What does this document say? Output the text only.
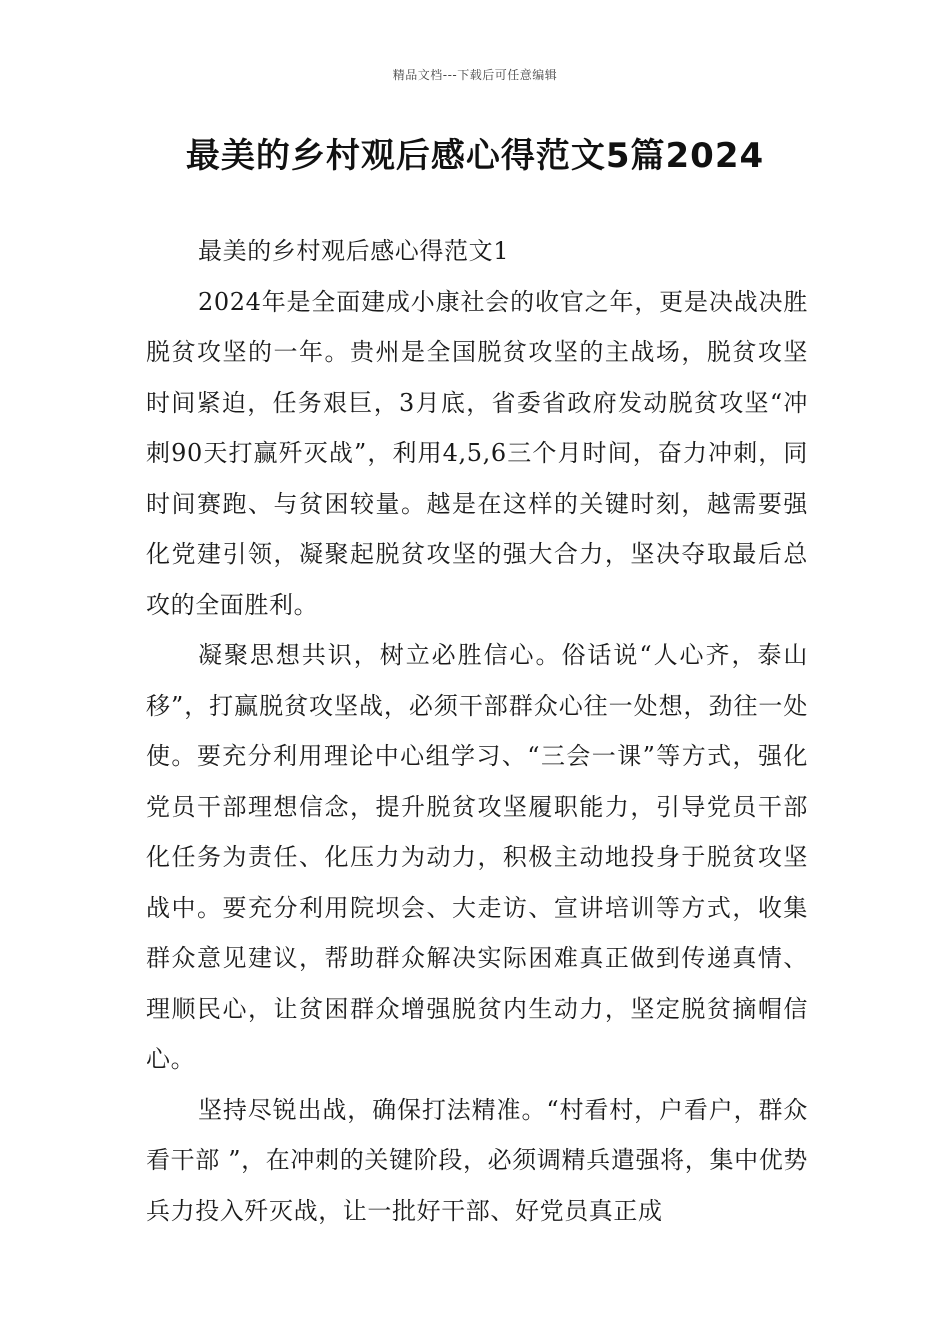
精品文档---下载后可任意编辑
最美的乡村观后感心得范文5篇2024

最美的乡村观后感心得范文1

2024年是全面建成小康社会的收官之年，更是决战决胜脱贫攻坚的一年。贵州是全国脱贫攻坚的主战场，脱贫攻坚时间紧迫，任务艰巨，3月底，省委省政府发动脱贫攻坚“冲刺90天打赢歼灭战”，利用4,5,6三个月时间，奋力冲刺，同时间赛跑、与贫困较量。越是在这样的关键时刻，越需要强化党建引领，凝聚起脱贫攻坚的强大合力，坚决夺取最后总攻的全面胜利。

凝聚思想共识，树立必胜信心。俗话说“人心齐，泰山移”，打赢脱贫攻坚战，必须干部群众心往一处想，劲往一处使。要充分利用理论中心组学习、“三会一课”等方式，强化党员干部理想信念，提升脱贫攻坚履职能力，引导党员干部化任务为责任、化压力为动力，积极主动地投身于脱贫攻坚战中。要充分利用院坝会、大走访、宣讲培训等方式，收集群众意见建议，帮助群众解决实际困难真正做到传递真情、理顺民心，让贫困群众增强脱贫内生动力，坚定脱贫摘帽信心。

坚持尽锐出战，确保打法精准。“村看村，户看户，群众看干部 ”，在冲刺的关键阶段，必须调精兵遣强将，集中优势兵力投入歼灭战，让一批好干部、好党员真正成
